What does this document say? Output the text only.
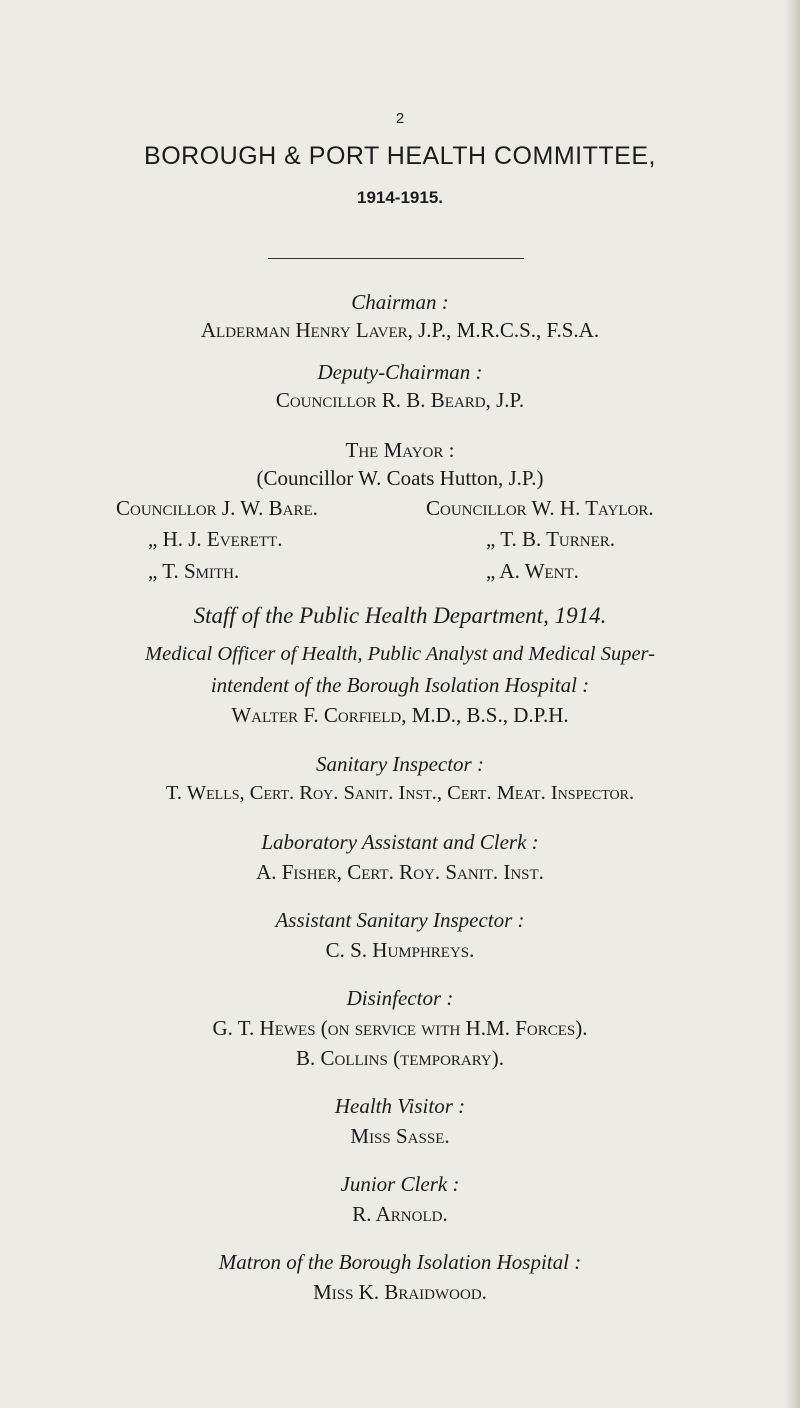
2
BOROUGH & PORT HEALTH COMMITTEE,
1914-1915.
Chairman :
Alderman Henry Laver, J.P., M.R.C.S., F.S.A.
Deputy-Chairman :
Councillor R. B. Beard, J.P.
The Mayor :
(Councillor W. Coats Hutton, J.P.)
Councillor J. W. Bare.
„ H. J. Everett.
„ T. Smith.
Councillor W. H. Taylor.
„ T. B. Turner.
„ A. Went.
Staff of the Public Health Department, 1914.
Medical Officer of Health, Public Analyst and Medical Super-
intendent of the Borough Isolation Hospital :
Walter F. Corfield, M.D., B.S., D.P.H.
Sanitary Inspector :
T. Wells, Cert. Roy. Sanit. Inst., Cert. Meat. Inspector.
Laboratory Assistant and Clerk :
A. Fisher, Cert. Roy. Sanit. Inst.
Assistant Sanitary Inspector :
C. S. Humphreys.
Disinfector :
G. T. Hewes (on service with H.M. Forces).
B. Collins (temporary).
Health Visitor :
Miss Sasse.
Junior Clerk :
R. Arnold.
Matron of the Borough Isolation Hospital :
Miss K. Braidwood.
